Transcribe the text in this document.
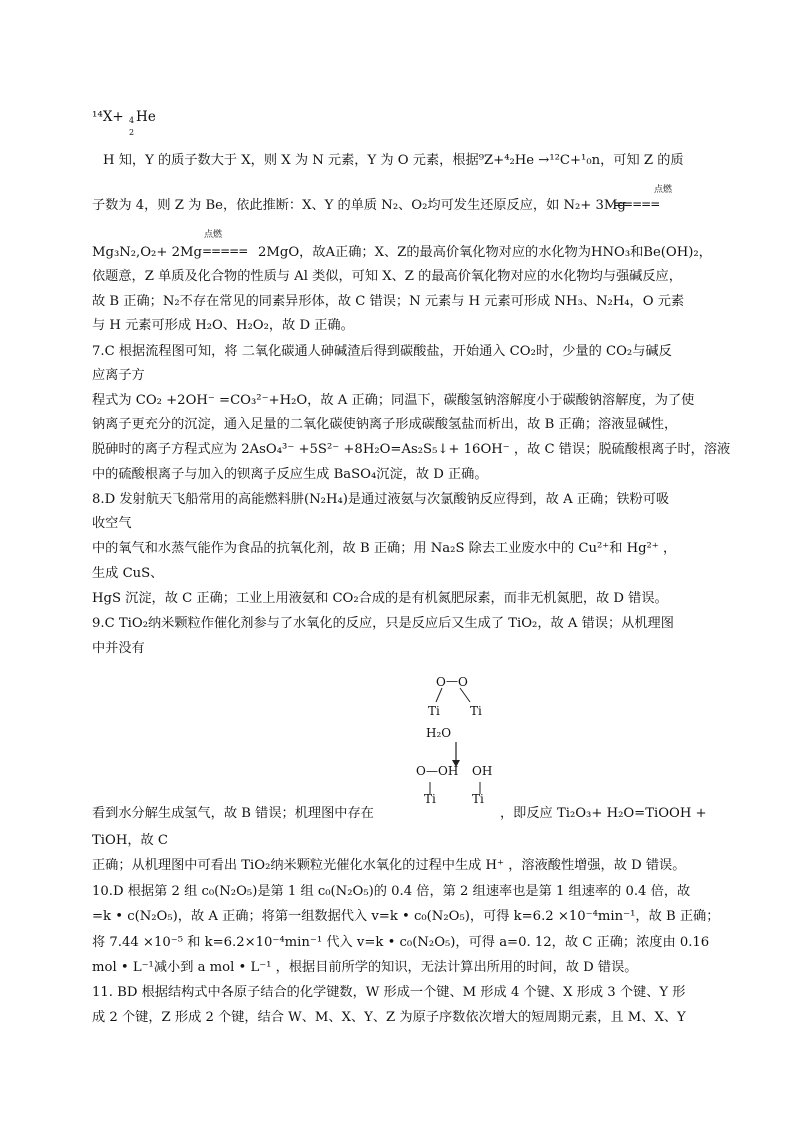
¹⁴X+ 4
2
He
H 知，Y 的质子数大于 X，则 X 为 N 元素，Y 为 O 元素，根据⁹Z+⁴₂He →¹²C+¹₀n，可知 Z 的质
点燃
子数为 4，则 Z 为 Be，依此推断：X、Y 的单质 N₂、O₂均可发生还原反应，如 N₂+ 3Mg
=====
点燃
Mg₃N₂,O₂+ 2Mg ===== 2MgO，故A正确；X、Z的最高价氧化物对应的水化物为HNO₃和Be(OH)₂，
依题意，Z 单质及化合物的性质与 Al 类似，可知 X、Z 的最高价氧化物对应的水化物均与强碱反应，
故 B 正确；N₂不存在常见的同素异形体，故 C 错误；N 元素与 H 元素可形成 NH₃、N₂H₄，O 元素
与 H 元素可形成 H₂O、H₂O₂，故 D 正确。
7.C 根据流程图可知，将 二氧化碳通人砷碱渣后得到碳酸盐，开始通入 CO₂时，少量的 CO₂与碱反
应离子方
程式为 CO₂ +2OH⁻ =CO₃²⁻+H₂O，故 A 正确；同温下，碳酸氢钠溶解度小于碳酸钠溶解度，为了使
钠离子更充分的沉淀，通入足量的二氧化碳使钠离子形成碳酸氢盐而析出，故 B 正确；溶液显碱性，
脱砷时的离子方程式应为 2AsO₄³⁻ +5S²⁻ +8H₂O=As₂S₅↓+ 16OH⁻ ，故 C 错误；脱硫酸根离子时，溶液
中的硫酸根离子与加入的钡离子反应生成 BaSO₄沉淀，故 D 正确。
8.D 发射航天飞船常用的高能燃料肼(N₂H₄)是通过液氨与次氯酸钠反应得到，故 A 正确；铁粉可吸
收空气
中的氧气和水蒸气能作为食品的抗氧化剂，故 B 正确；用 Na₂S 除去工业废水中的 Cu²⁺和 Hg²⁺ ，
生成 CuS、
HgS 沉淀，故 C 正确；工业上用液氨和 CO₂合成的是有机氮肥尿素，而非无机氮肥，故 D 错误。
9.C TiO₂纳米颗粒作催化剂参与了水氧化的反应，只是反应后又生成了 TiO₂，故 A 错误；从机理图
中并没有
O — O
Ti	Ti
H₂O
O —OH OH
Ti	Ti
看到水分解生成氢气，故 B 错误；机理图中存在	，即反应 Ti₂O₃+ H₂O=TiOOH +
TiOH，故 C
正确；从机理图中可看出 TiO₂纳米颗粒光催化水氧化的过程中生成 H⁺ ，溶液酸性增强，故 D 错误。
10.D 根据第 2 组 c₀(N₂O₅)是第 1 组 c₀(N₂O₅)的 0.4 倍，第 2 组速率也是第 1 组速率的 0.4 倍，故
=k • c(N₂O₅)，故 A 正确；将第一组数据代入 v=k • c₀(N₂O₅)，可得 k=6.2 ×10⁻⁴min⁻¹，故 B 正确；
将 7.44 ×10⁻⁵ 和 k=6.2×10⁻⁴min⁻¹ 代入 v=k • c₀(N₂O₅)，可得 a=0. 12，故 C 正确；浓度由 0.16
mol • L⁻¹减小到 a mol • L⁻¹ ，根据目前所学的知识，无法计算出所用的时间，故 D 错误。
11. BD 根据结构式中各原子结合的化学键数，W 形成一个键、M 形成 4 个键、X 形成 3 个键、Y 形
成 2 个键，Z 形成 2 个键，结合 W、M、X、Y、Z 为原子序数依次增大的短周期元素，且 M、X、Y
